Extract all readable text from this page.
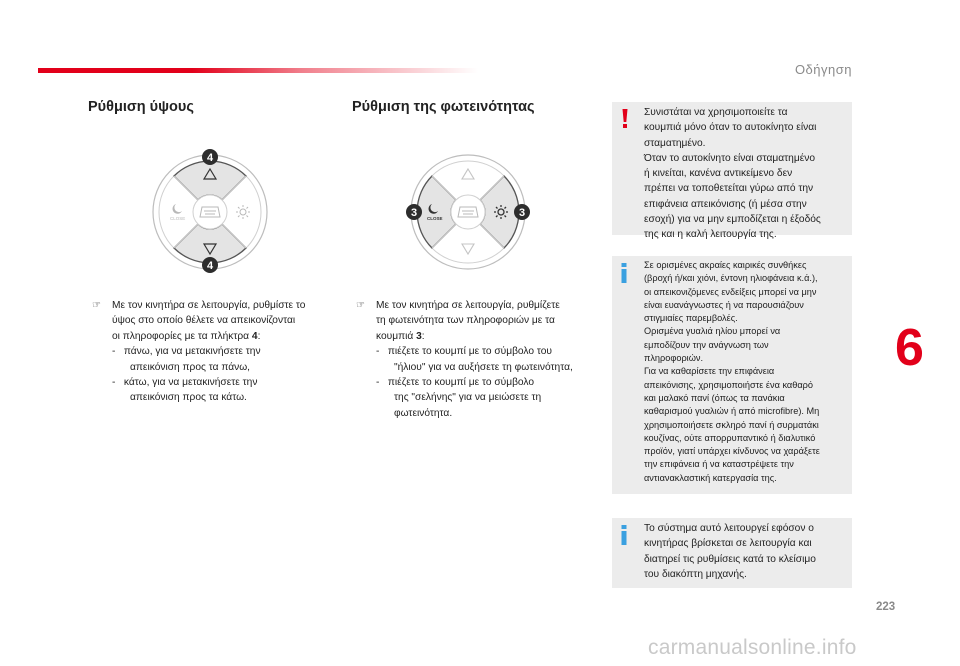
Οδήγηση
Ρύθμιση ύψους
CLOSE
4
4
☞ Με τον κινητήρα σε λειτουργία, ρυθμίστε το
ύψος στο οποίο θέλετε να απεικονίζονται
οι πληροφορίες με τα πλήκτρα 4:
-   πάνω, για να μετακινήσετε την
απεικόνιση προς τα πάνω,
-   κάτω, για να μετακινήσετε την
απεικόνιση προς τα κάτω.
Ρύθμιση της φωτεινότητας
CLOSE
3	3
☞ Με τον κινητήρα σε λειτουργία, ρυθμίζετε
τη φωτεινότητα των πληροφοριών με τα
κουμπιά 3:
-   πιέζετε το κουμπί με το σύμβολο του
"ήλιου" για να αυξήσετε τη φωτεινότητα,
-   πιέζετε το κουμπί με το σύμβολο
της "σελήνης" για να μειώσετε τη
φωτεινότητα.
Συνιστάται να χρησιμοποιείτε τα
κουμπιά μόνο όταν το αυτοκίνητο είναι
σταματημένο.
Όταν το αυτοκίνητο είναι σταματημένο
ή κινείται, κανένα αντικείμενο δεν
πρέπει να τοποθετείται γύρω από την
επιφάνεια απεικόνισης (ή μέσα στην
εσοχή) για να μην εμποδίζεται η έξοδός
της και η καλή λειτουργία της.
Σε ορισμένες ακραίες καιρικές συνθήκες
(βροχή ή/και χιόνι, έντονη ηλιοφάνεια κ.ά.),
οι απεικονιζόμενες ενδείξεις μπορεί να μην
είναι ευανάγνωστες ή να παρουσιάζουν
στιγμιαίες παρεμβολές.
Ορισμένα γυαλιά ηλίου μπορεί να
εμποδίζουν την ανάγνωση των
πληροφοριών.
Για να καθαρίσετε την επιφάνεια
απεικόνισης, χρησιμοποιήστε ένα καθαρό
και μαλακό πανί (όπως τα πανάκια
καθαρισμού γυαλιών ή από microfibre). Μη
χρησιμοποιήσετε σκληρό πανί ή συρματάκι
κουζίνας, ούτε απορρυπαντικό ή διαλυτικό
προϊόν, γιατί υπάρχει κίνδυνος να χαράξετε
την επιφάνεια ή να καταστρέψετε την
αντιανακλαστική κατεργασία της.
Το σύστημα αυτό λειτουργεί εφόσον ο
κινητήρας βρίσκεται σε λειτουργία και
διατηρεί τις ρυθμίσεις κατά το κλείσιμο
του διακόπτη μηχανής.
6
223
carmanualsonline.info
